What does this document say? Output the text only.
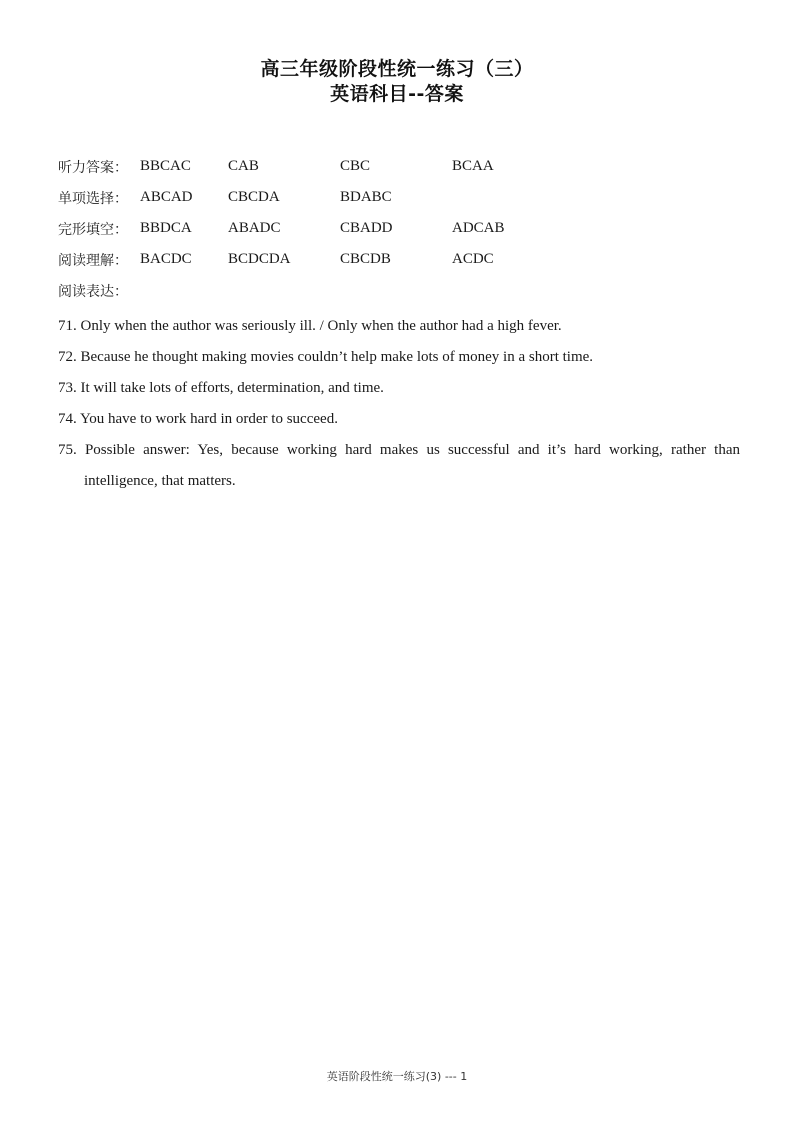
高三年级阶段性统一练习（三）
英语科目--答案
听力答案： BBCAC	CAB	CBC	BCAA
单项选择： ABCAD	CBCDA	BDABC
完形填空： BBDCA	ABADC	CBADD	ADCAB
阅读理解： BACDC	BCDCDA	CBCDB	ACDC
阅读表达：
71. Only when the author was seriously ill. / Only when the author had a high fever.
72. Because he thought making movies couldn’t help make lots of money in a short time.
73. It will take lots of efforts, determination, and time.
74. You have to work hard in order to succeed.
75. Possible answer: Yes, because working hard makes us successful and it’s hard working, rather than intelligence, that matters.
英语阶段性统一练习(3) --- 1
